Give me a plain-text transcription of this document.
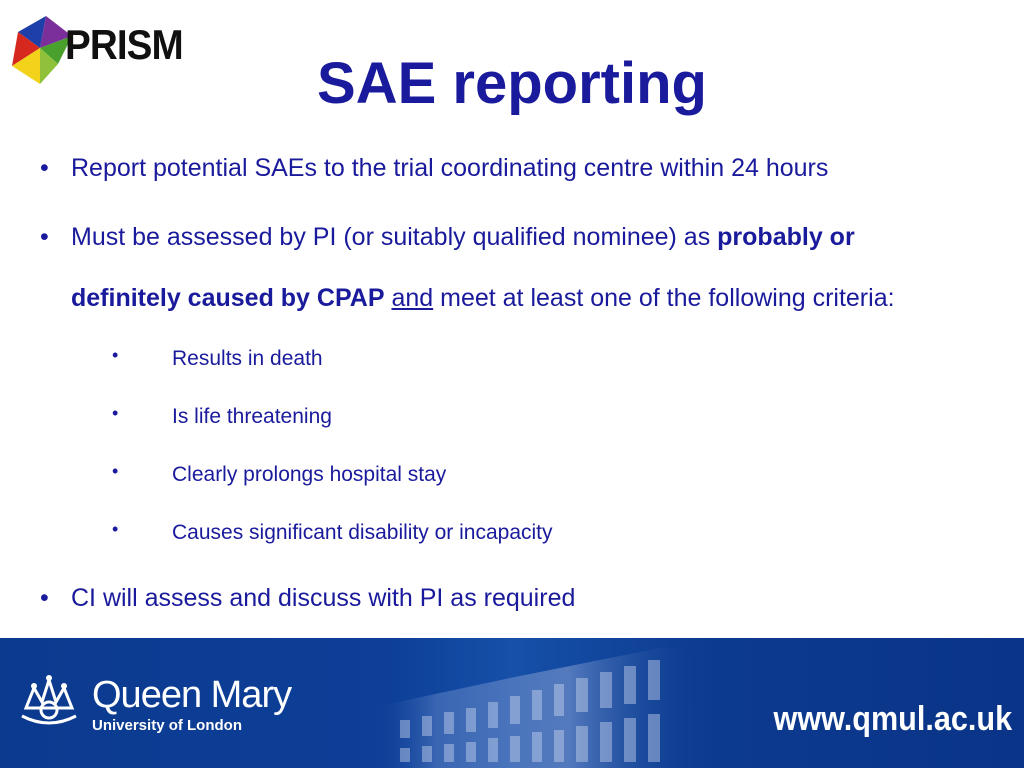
PRISM
SAE reporting
• Report potential SAEs to the trial coordinating centre within 24 hours
• Must be assessed by PI (or suitably qualified nominee) as probably or
definitely caused by CPAP and meet at least one of the following criteria:
•	Results in death
•	Is life threatening
•	Clearly prolongs hospital stay
•	Causes significant disability or incapacity
• CI will assess and discuss with PI as required
Queen Mary
University of London	www.qmul.ac.uk
